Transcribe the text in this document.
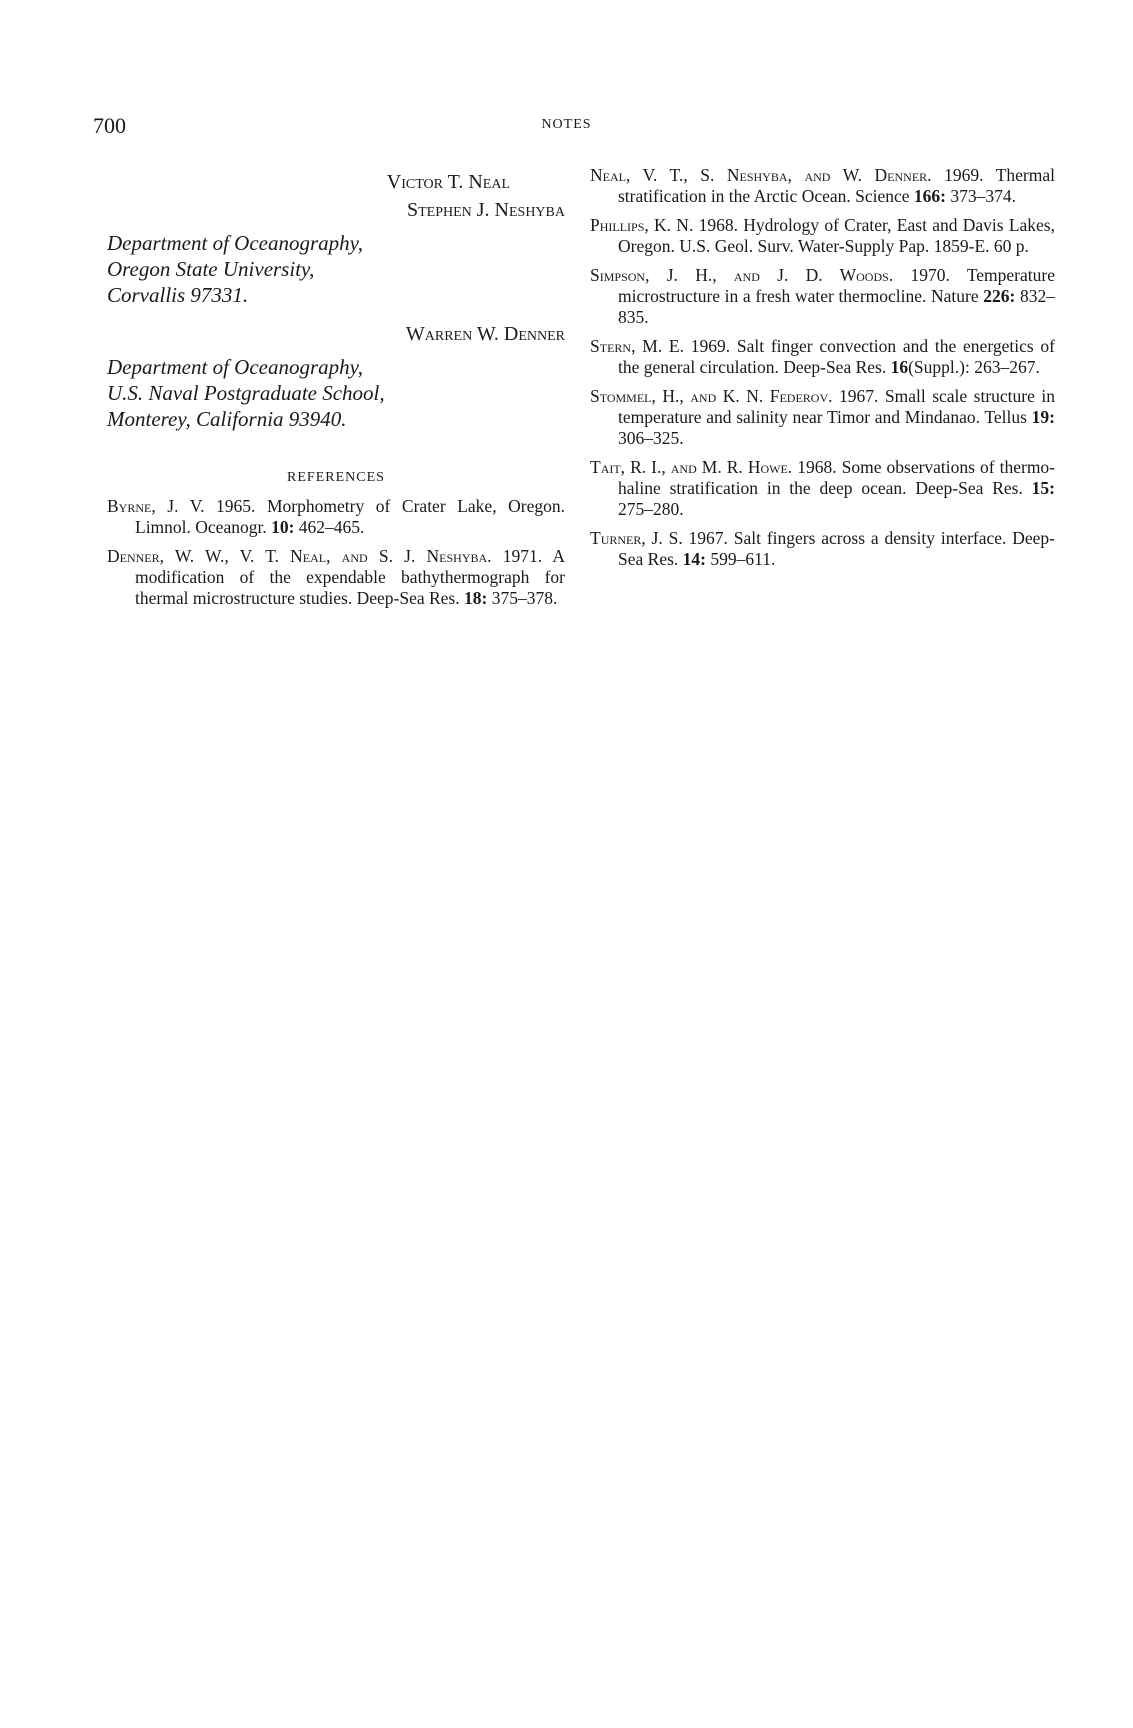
700	NOTES
Victor T. Neal
Stephen J. Neshyba
Department of Oceanography,
Oregon State University,
Corvallis 97331.
Warren W. Denner
Department of Oceanography,
U.S. Naval Postgraduate School,
Monterey, California 93940.
REFERENCES

Byrne, J. V. 1965. Morphometry of Crater Lake, Oregon. Limnol. Oceanogr. 10: 462–465.

Denner, W. W., V. T. Neal, and S. J. Neshyba. 1971. A modification of the expendable bathythermograph for thermal microstructure studies. Deep-Sea Res. 18: 375–378.

Neal, V. T., S. Neshyba, and W. Denner. 1969. Thermal stratification in the Arctic Ocean. Science 166: 373–374.

Phillips, K. N. 1968. Hydrology of Crater, East and Davis Lakes, Oregon. U.S. Geol. Surv. Water-Supply Pap. 1859-E. 60 p.

Simpson, J. H., and J. D. Woods. 1970. Temperature microstructure in a fresh water thermocline. Nature 226: 832–835.

Stern, M. E. 1969. Salt finger convection and the energetics of the general circulation. Deep-Sea Res. 16(Suppl.): 263–267.

Stommel, H., and K. N. Federov. 1967. Small scale structure in temperature and salinity near Timor and Mindanao. Tellus 19: 306–325.

Tait, R. I., and M. R. Howe. 1968. Some observations of thermo-haline stratification in the deep ocean. Deep-Sea Res. 15: 275–280.

Turner, J. S. 1967. Salt fingers across a density interface. Deep-Sea Res. 14: 599–611.
